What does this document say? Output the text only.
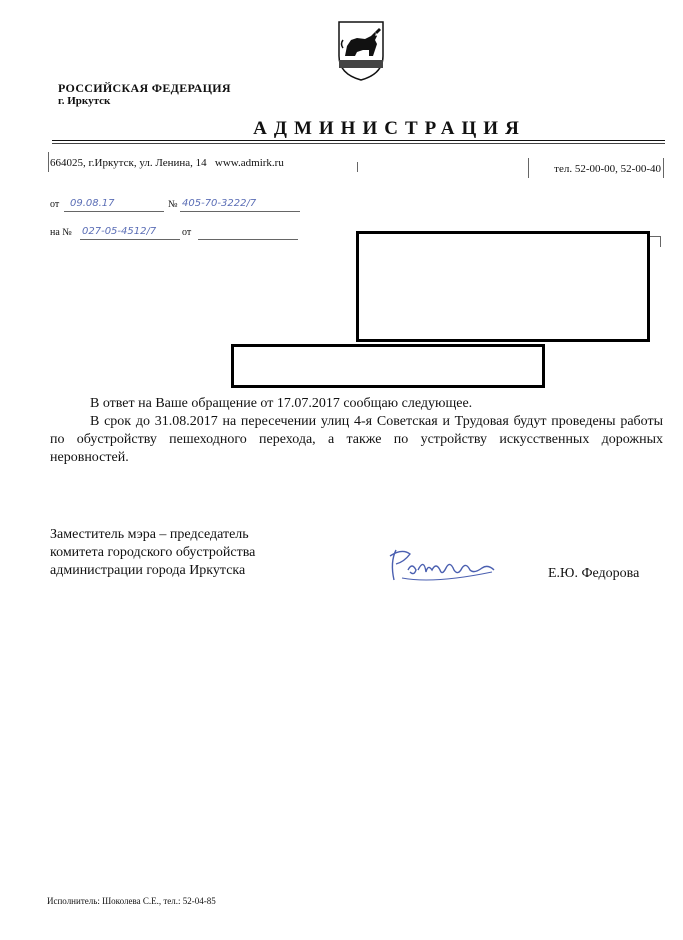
РОССИЙСКАЯ ФЕДЕРАЦИЯ
г. Иркутск
АДМИНИСТРАЦИЯ
664025, г.Иркутск, ул. Ленина, 14 www.admirk.ru	тел. 52-00-00, 52-00-40
от 09.08.17	№ 405-70-3222/7
на № 027-05-4512/7	от
В ответ на Ваше обращение от 17.07.2017 сообщаю следующее.
В срок до 31.08.2017 на пересечении улиц 4-я Советская и Трудовая будут проведены работы по обустройству пешеходного перехода, а также по устройству искусственных дорожных неровностей.
Заместитель мэра – председатель
комитета городского обустройства
администрации города Иркутска	Е.Ю. Федорова
Исполнитель: Шоколева С.Е., тел.: 52-04-85
